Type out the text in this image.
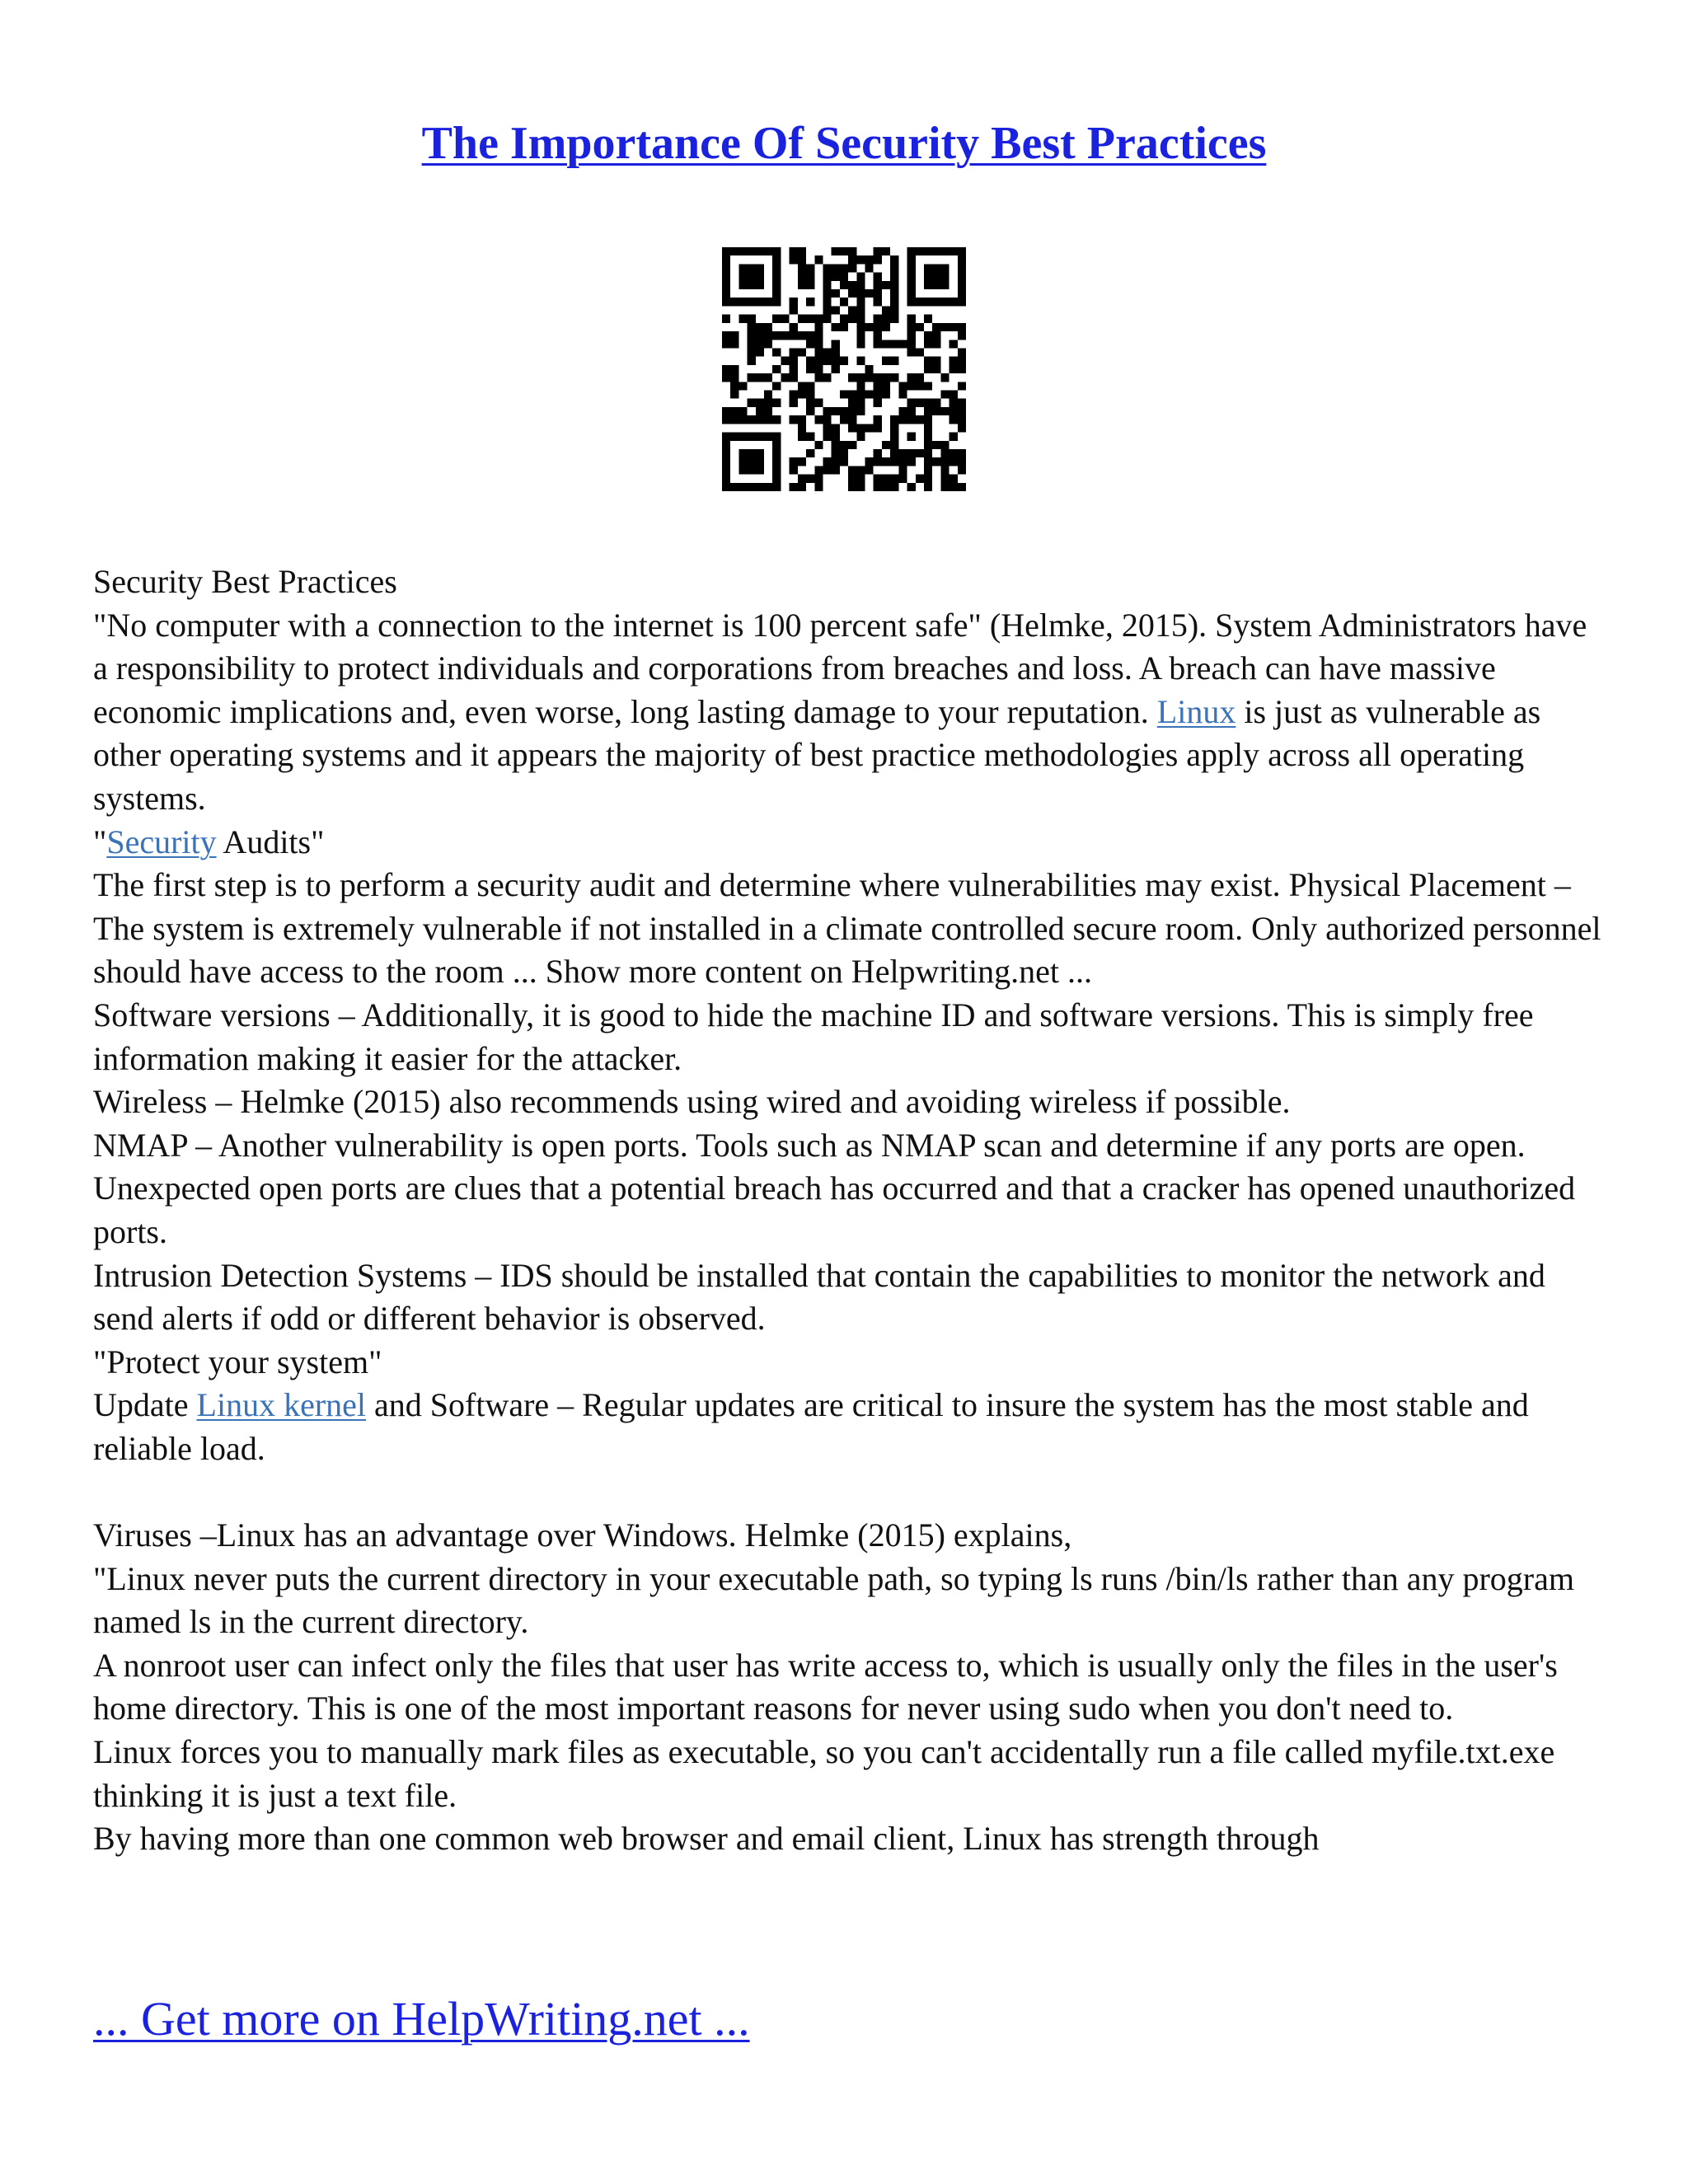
The Importance Of Security Best Practices

Security Best Practices

"No computer with a connection to the internet is 100 percent safe" (Helmke, 2015). System Administrators have a responsibility to protect individuals and corporations from breaches and loss. A breach can have massive economic implications and, even worse, long lasting damage to your reputation. Linux is just as vulnerable as other operating systems and it appears the majority of best practice methodologies apply across all operating systems.

"Security Audits"

The first step is to perform a security audit and determine where vulnerabilities may exist. Physical Placement – The system is extremely vulnerable if not installed in a climate controlled secure room. Only authorized personnel should have access to the room ... Show more content on Helpwriting.net ...

Software versions – Additionally, it is good to hide the machine ID and software versions. This is simply free information making it easier for the attacker.

Wireless – Helmke (2015) also recommends using wired and avoiding wireless if possible.

NMAP – Another vulnerability is open ports. Tools such as NMAP scan and determine if any ports are open. Unexpected open ports are clues that a potential breach has occurred and that a cracker has opened unauthorized ports.

Intrusion Detection Systems – IDS should be installed that contain the capabilities to monitor the network and send alerts if odd or different behavior is observed.

"Protect your system"

Update Linux kernel and Software – Regular updates are critical to insure the system has the most stable and reliable load.

Viruses –Linux has an advantage over Windows. Helmke (2015) explains,

"Linux never puts the current directory in your executable path, so typing ls runs /bin/ls rather than any program named ls in the current directory.

A nonroot user can infect only the files that user has write access to, which is usually only the files in the user's home directory. This is one of the most important reasons for never using sudo when you don't need to.

Linux forces you to manually mark files as executable, so you can't accidentally run a file called myfile.txt.exe thinking it is just a text file.

By having more than one common web browser and email client, Linux has strength through

... Get more on HelpWriting.net ...
